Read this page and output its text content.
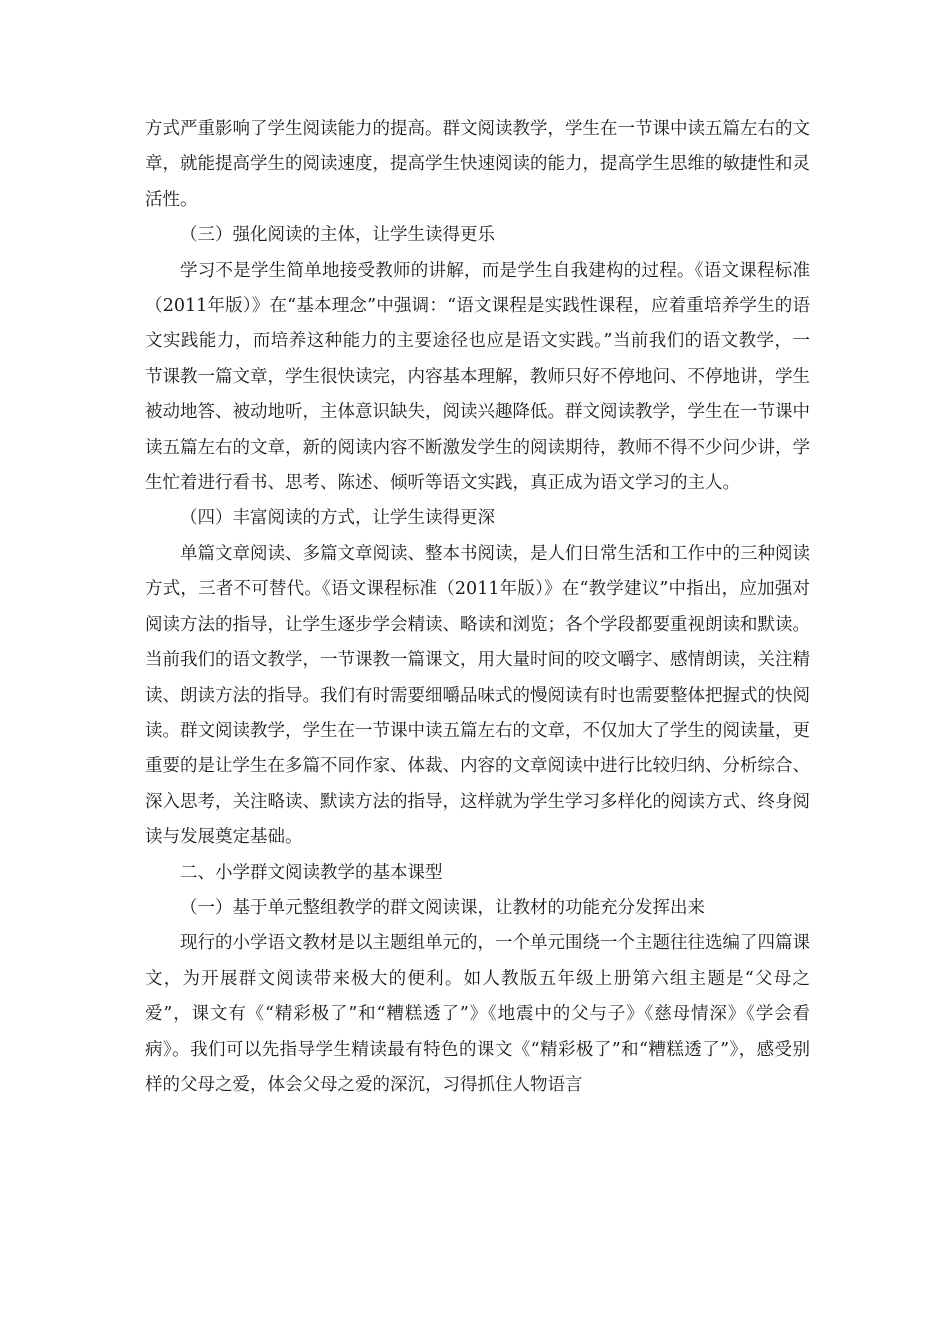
方式严重影响了学生阅读能力的提高。群文阅读教学，学生在一节课中读五篇左右的文章，就能提高学生的阅读速度，提高学生快速阅读的能力，提高学生思维的敏捷性和灵活性。

（三）强化阅读的主体，让学生读得更乐

学习不是学生简单地接受教师的讲解，而是学生自我建构的过程。《语文课程标准（2011年版）》在“基本理念”中强调：“语文课程是实践性课程，应着重培养学生的语文实践能力，而培养这种能力的主要途径也应是语文实践。”当前我们的语文教学，一节课教一篇文章，学生很快读完，内容基本理解，教师只好不停地问、不停地讲，学生被动地答、被动地听，主体意识缺失，阅读兴趣降低。群文阅读教学，学生在一节课中读五篇左右的文章，新的阅读内容不断激发学生的阅读期待，教师不得不少问少讲，学生忙着进行看书、思考、陈述、倾听等语文实践，真正成为语文学习的主人。

（四）丰富阅读的方式，让学生读得更深

单篇文章阅读、多篇文章阅读、整本书阅读，是人们日常生活和工作中的三种阅读方式，三者不可替代。《语文课程标准（2011年版）》在“教学建议”中指出，应加强对阅读方法的指导，让学生逐步学会精读、略读和浏览；各个学段都要重视朗读和默读。当前我们的语文教学，一节课教一篇课文，用大量时间的咬文嚼字、感情朗读，关注精读、朗读方法的指导。我们有时需要细嚼品味式的慢阅读有时也需要整体把握式的快阅读。群文阅读教学，学生在一节课中读五篇左右的文章，不仅加大了学生的阅读量，更重要的是让学生在多篇不同作家、体裁、内容的文章阅读中进行比较归纳、分析综合、深入思考，关注略读、默读方法的指导，这样就为学生学习多样化的阅读方式、终身阅读与发展奠定基础。

二、小学群文阅读教学的基本课型

（一）基于单元整组教学的群文阅读课，让教材的功能充分发挥出来

现行的小学语文教材是以主题组单元的，一个单元围绕一个主题往往选编了四篇课文，为开展群文阅读带来极大的便利。如人教版五年级上册第六组主题是“父母之爱”，课文有《“精彩极了”和“糟糕透了”》《地震中的父与子》《慈母情深》《学会看病》。我们可以先指导学生精读最有特色的课文《“精彩极了”和“糟糕透了”》，感受别样的父母之爱，体会父母之爱的深沉，习得抓住人物语言
